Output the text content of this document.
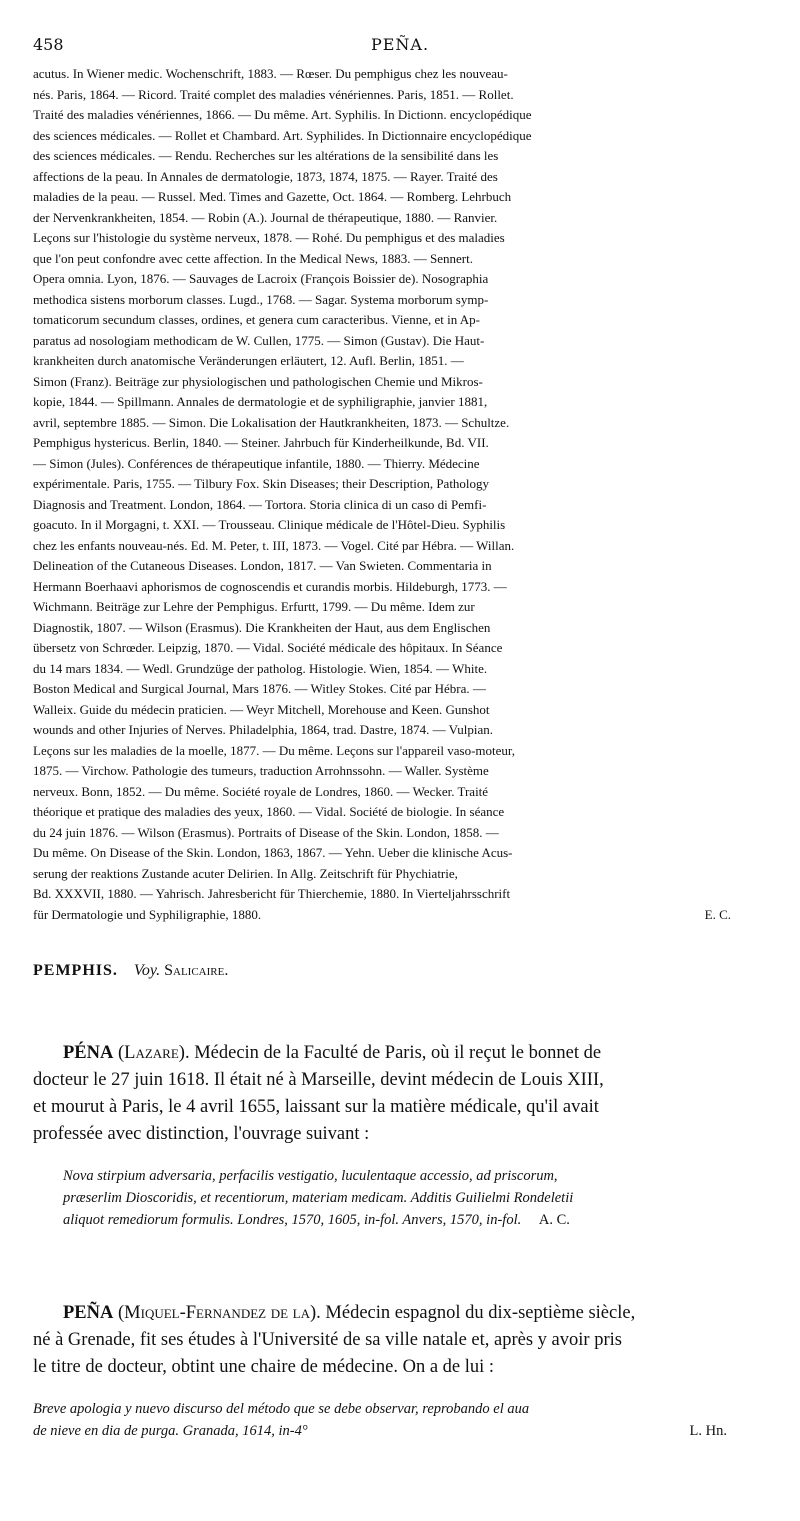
458	PEÑA.
acutus. In Wiener medic. Wochenschrift, 1883. — Rœser. Du pemphigus chez les nouveau-
nés. Paris, 1864. — Ricord. Traité complet des maladies vénériennes. Paris, 1851. — Rollet.
Traité des maladies vénériennes, 1866. — Du même. Art. Syphilis. In Dictionn. encyclopédique
des sciences médicales. — Rollet et Chambard. Art. Syphilides. In Dictionnaire encyclopédique
des sciences médicales. — Rendu. Recherches sur les altérations de la sensibilité dans les
affections de la peau. In Annales de dermatologie, 1873, 1874, 1875. — Rayer. Traité des
maladies de la peau. — Russel. Med. Times and Gazette, Oct. 1864. — Romberg. Lehrbuch
der Nervenkrankheiten, 1854. — Robin (A.). Journal de thérapeutique, 1880. — Ranvier.
Leçons sur l'histologie du système nerveux, 1878. — Rohé. Du pemphigus et des maladies
que l'on peut confondre avec cette affection. In the Medical News, 1883. — Sennert.
Opera omnia. Lyon, 1876. — Sauvages de Lacroix (François Boissier de). Nosographia
methodica sistens morborum classes. Lugd., 1768. — Sagar. Systema morborum symp-
tomaticorum secundum classes, ordines, et genera cum caracteribus. Vienne, et in Ap-
paratus ad nosologiam methodicam de W. Cullen, 1775. — Simon (Gustav). Die Haut-
krankheiten durch anatomische Veränderungen erläutert, 12. Aufl. Berlin, 1851. —
Simon (Franz). Beiträge zur physiologischen und pathologischen Chemie und Mikros-
kopie, 1844. — Spillmann. Annales de dermatologie et de syphiligraphie, janvier 1881,
avril, septembre 1885. — Simon. Die Lokalisation der Hautkrankheiten, 1873. — Schultze.
Pemphigus hystericus. Berlin, 1840. — Steiner. Jahrbuch für Kinderheilkunde, Bd. VII.
— Simon (Jules). Conférences de thérapeutique infantile, 1880. — Thierry. Médecine
expérimentale. Paris, 1755. — Tilbury Fox. Skin Diseases; their Description, Pathology
Diagnosis and Treatment. London, 1864. — Tortora. Storia clinica di un caso di Pemfi-
goacuto. In il Morgagni, t. XXI. — Trousseau. Clinique médicale de l'Hôtel-Dieu. Syphilis
chez les enfants nouveau-nés. Ed. M. Peter, t. III, 1873. — Vogel. Cité par Hébra. — Willan.
Delineation of the Cutaneous Diseases. London, 1817. — Van Swieten. Commentaria in
Hermann Boerhaavi aphorismos de cognoscendis et curandis morbis. Hildeburgh, 1773. —
Wichmann. Beiträge zur Lehre der Pemphigus. Erfurtt, 1799. — Du même. Idem zur
Diagnostik, 1807. — Wilson (Erasmus). Die Krankheiten der Haut, aus dem Englischen
übersetz von Schrœder. Leipzig, 1870. — Vidal. Société médicale des hôpitaux. In Séance
du 14 mars 1834. — Wedl. Grundzüge der patholog. Histologie. Wien, 1854. — White.
Boston Medical and Surgical Journal, Mars 1876. — Witley Stokes. Cité par Hébra. —
Walleix. Guide du médecin praticien. — Weyr Mitchell, Morehouse and Keen. Gunshot
wounds and other Injuries of Nerves. Philadelphia, 1864, trad. Dastre, 1874. — Vulpian.
Leçons sur les maladies de la moelle, 1877. — Du même. Leçons sur l'appareil vaso-moteur,
1875. — Virchow. Pathologie des tumeurs, traduction Arrohnssohn. — Waller. Système
nerveux. Bonn, 1852. — Du même. Société royale de Londres, 1860. — Wecker. Traité
théorique et pratique des maladies des yeux, 1860. — Vidal. Société de biologie. In séance
du 24 juin 1876. — Wilson (Erasmus). Portraits of Disease of the Skin. London, 1858. —
Du même. On Disease of the Skin. London, 1863, 1867. — Yehn. Ueber die klinische Acus-
serung der reaktions Zustande acuter Delirien. In Allg. Zeitschrift für Phychiatrie,
Bd. XXXVII, 1880. — Yahrisch. Jahresbericht für Thierchemie, 1880. In Vierteljahrsschrift
für Dermatologie und Syphiligraphie, 1880.	E. C.
PEMPHIS. Voy. Salicaire.
PÉNA (Lazare). Médecin de la Faculté de Paris, où il reçut le bonnet de
docteur le 27 juin 1618. Il était né à Marseille, devint médecin de Louis XIII,
et mourut à Paris, le 4 avril 1655, laissant sur la matière médicale, qu'il avait
professée avec distinction, l'ouvrage suivant :
Nova stirpium adversaria, perfacilis vestigatio, luculentaque accessio, ad priscorum,
præserlim Dioscoridis, et recentiorum, materiam medicam. Additis Guilielmi Rondeletii
aliquot remediorum formulis. Londres, 1570, 1605, in-fol. Anvers, 1570, in-fol. A. C.
PEÑA (Miquel-Fernandez de la). Médecin espagnol du dix-septième siècle,
né à Grenade, fit ses études à l'Université de sa ville natale et, après y avoir pris
le titre de docteur, obtint une chaire de médecine. On a de lui :
Breve apologia y nuevo discurso del método que se debe observar, reprobando el aua
de nieve en dia de purga. Granada, 1614, in-4°	L. Hn.
